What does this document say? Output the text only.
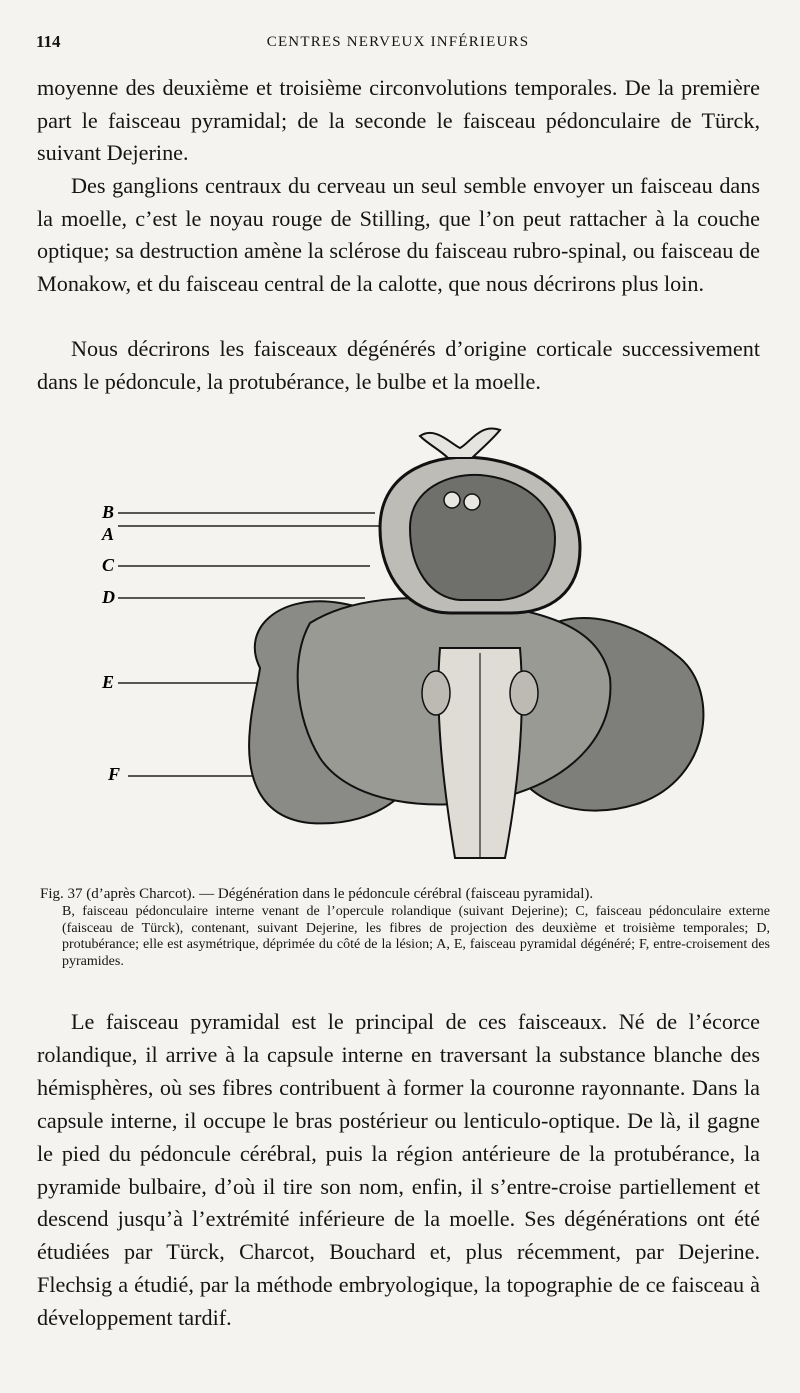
114	CENTRES NERVEUX INFÉRIEURS

moyenne des deuxième et troisième circonvolutions temporales. De la première part le faisceau pyramidal; de la seconde le faisceau pédonculaire de Türck, suivant Dejerine.

Des ganglions centraux du cerveau un seul semble envoyer un faisceau dans la moelle, c’est le noyau rouge de Stilling, que l’on peut rattacher à la couche optique; sa destruction amène la sclérose du faisceau rubro-spinal, ou faisceau de Monakow, et du faisceau central de la calotte, que nous décrirons plus loin.

Nous décrirons les faisceaux dégénérés d’origine corticale successivement dans le pédoncule, la protubérance, le bulbe et la moelle.

B
A
C
D
E
F

Fig. 37 (d’après Charcot). — Dégénération dans le pédoncule cérébral (faisceau pyramidal).
B, faisceau pédonculaire interne venant de l’opercule rolandique (suivant Dejerine); C, faisceau pédonculaire externe (faisceau de Türck), contenant, suivant Dejerine, les fibres de projection des deuxième et troisième temporales; D, protubérance; elle est asymétrique, déprimée du côté de la lésion; A, E, faisceau pyramidal dégénéré; F, entre-croisement des pyramides.

Le faisceau pyramidal est le principal de ces faisceaux. Né de l’écorce rolandique, il arrive à la capsule interne en traversant la substance blanche des hémisphères, où ses fibres contribuent à former la couronne rayonnante. Dans la capsule interne, il occupe le bras postérieur ou lenticulo-optique. De là, il gagne le pied du pédoncule cérébral, puis la région antérieure de la protubérance, la pyramide bulbaire, d’où il tire son nom, enfin, il s’entre-croise partiellement et descend jusqu’à l’extrémité inférieure de la moelle. Ses dégénérations ont été étudiées par Türck, Charcot, Bouchard et, plus récemment, par Dejerine. Flechsig a étudié, par la méthode embryologique, la topographie de ce faisceau à développement tardif.
